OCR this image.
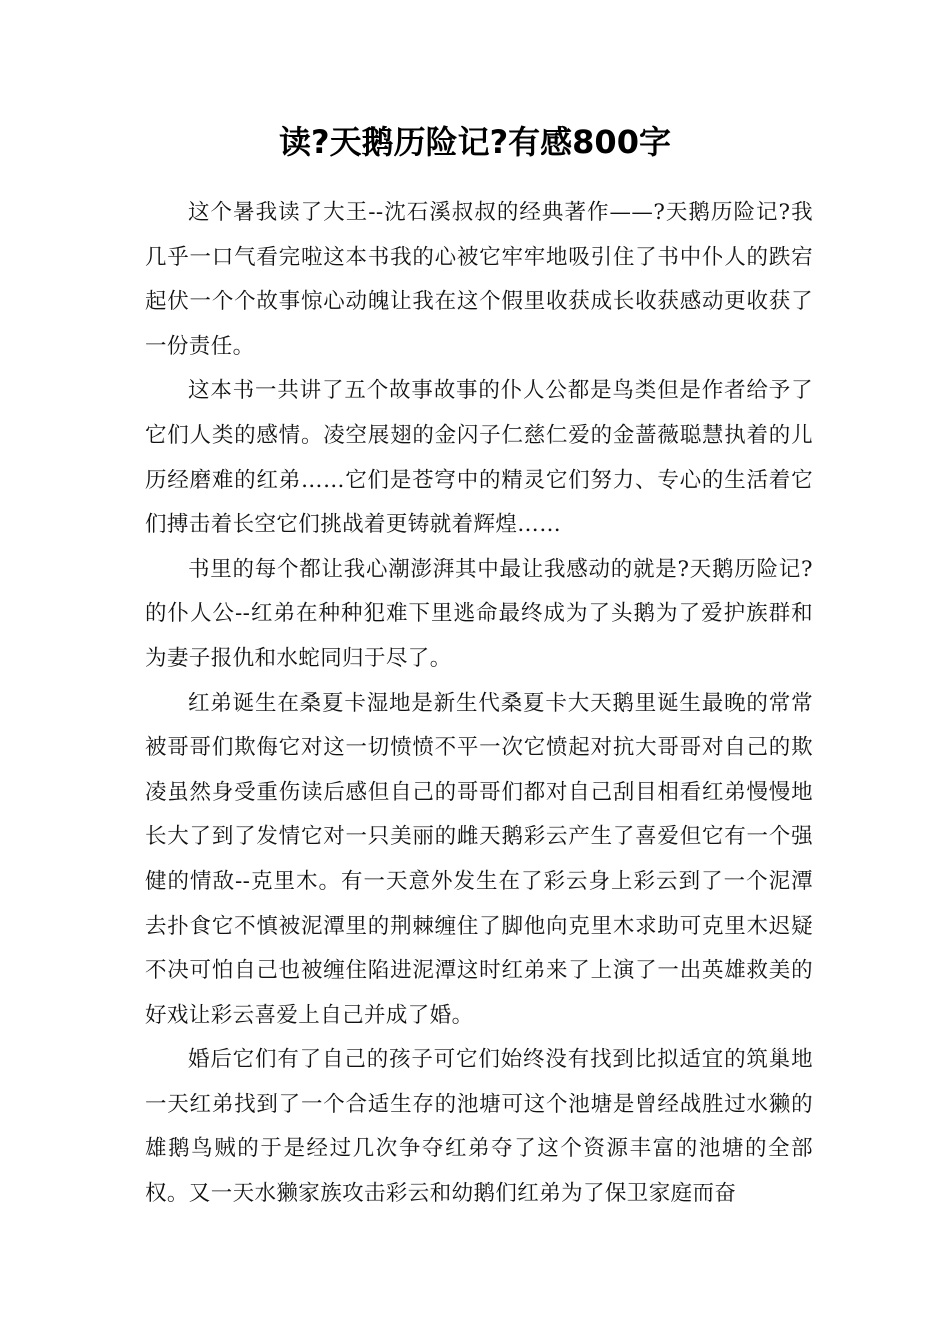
读?天鹅历险记?有感800字

这个暑我读了大王--沈石溪叔叔的经典著作——?天鹅历险记?我几乎一口气看完啦这本书我的心被它牢牢地吸引住了书中仆人的跌宕起伏一个个故事惊心动魄让我在这个假里收获成长收获感动更收获了一份责任。

这本书一共讲了五个故事故事的仆人公都是鸟类但是作者给予了它们人类的感情。凌空展翅的金闪子仁慈仁爱的金蔷薇聪慧执着的儿历经磨难的红弟……它们是苍穹中的精灵它们努力、专心的生活着它们搏击着长空它们挑战着更铸就着辉煌……

书里的每个都让我心潮澎湃其中最让我感动的就是?天鹅历险记?的仆人公--红弟在种种犯难下里逃命最终成为了头鹅为了爱护族群和为妻子报仇和水蛇同归于尽了。

红弟诞生在桑夏卡湿地是新生代桑夏卡大天鹅里诞生最晚的常常被哥哥们欺侮它对这一切愤愤不平一次它愤起对抗大哥哥对自己的欺凌虽然身受重伤读后感但自己的哥哥们都对自己刮目相看红弟慢慢地长大了到了发情它对一只美丽的雌天鹅彩云产生了喜爱但它有一个强健的情敌--克里木。有一天意外发生在了彩云身上彩云到了一个泥潭去扑食它不慎被泥潭里的荆棘缠住了脚他向克里木求助可克里木迟疑不决可怕自己也被缠住陷进泥潭这时红弟来了上演了一出英雄救美的好戏让彩云喜爱上自己并成了婚。

婚后它们有了自己的孩子可它们始终没有找到比拟适宜的筑巢地一天红弟找到了一个合适生存的池塘可这个池塘是曾经战胜过水獭的雄鹅鸟贼的于是经过几次争夺红弟夺了这个资源丰富的池塘的全部权。又一天水獭家族攻击彩云和幼鹅们红弟为了保卫家庭而奋
